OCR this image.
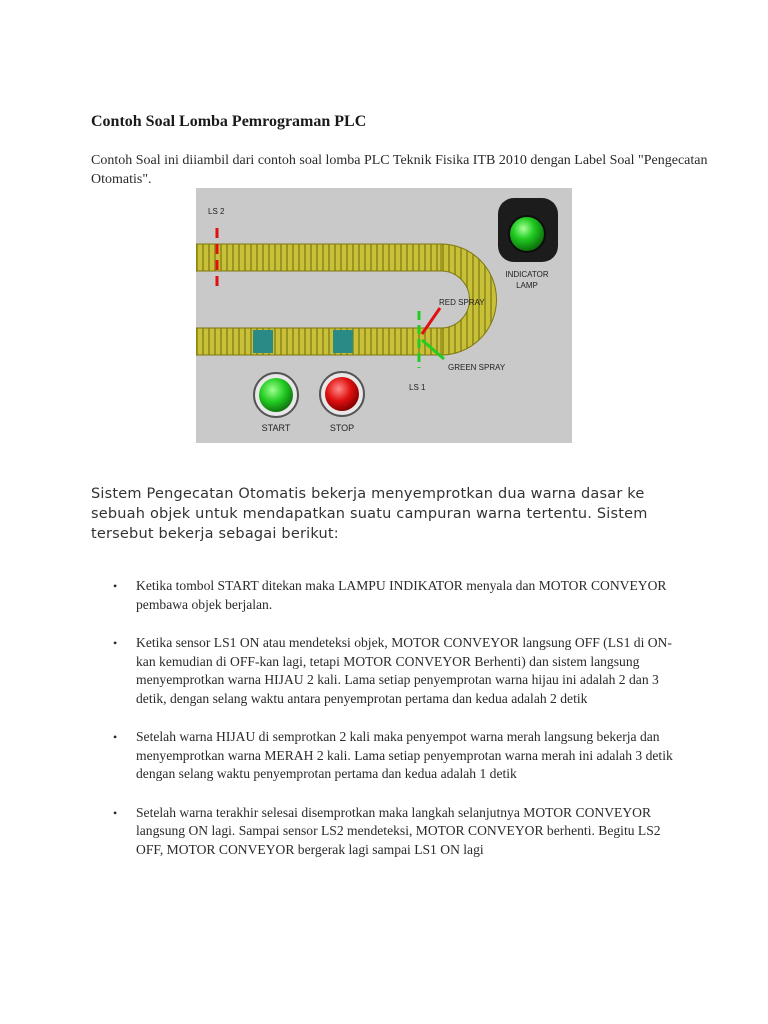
Contoh Soal Lomba Pemrograman PLC
Contoh Soal ini diiambil dari contoh soal lomba PLC Teknik Fisika ITB 2010 dengan Label Soal "Pengecatan Otomatis".
LS 2
RED SPRAY
GREEN SPRAY
LS 1
INDICATOR
LAMP
START	STOP
Sistem Pengecatan Otomatis bekerja menyemprotkan dua warna dasar ke sebuah objek untuk mendapatkan suatu campuran warna tertentu. Sistem tersebut bekerja sebagai berikut:
• Ketika tombol START ditekan maka LAMPU INDIKATOR menyala dan MOTOR CONVEYOR pembawa objek berjalan.
• Ketika sensor LS1 ON atau mendeteksi objek, MOTOR CONVEYOR langsung OFF (LS1 di ON-kan kemudian di OFF-kan lagi, tetapi MOTOR CONVEYOR Berhenti) dan sistem langsung menyemprotkan warna HIJAU 2 kali. Lama setiap penyemprotan warna hijau ini adalah 2 dan 3 detik, dengan selang waktu antara penyemprotan pertama dan kedua adalah 2 detik
• Setelah warna HIJAU di semprotkan 2 kali maka penyempot warna merah langsung bekerja dan menyemprotkan warna MERAH 2 kali. Lama setiap penyemprotan warna merah ini adalah 3 detik dengan selang waktu penyemprotan pertama dan kedua adalah 1 detik
• Setelah warna terakhir selesai disemprotkan maka langkah selanjutnya MOTOR CONVEYOR langsung ON lagi. Sampai sensor LS2 mendeteksi, MOTOR CONVEYOR berhenti. Begitu LS2 OFF, MOTOR CONVEYOR bergerak lagi sampai LS1 ON lagi
